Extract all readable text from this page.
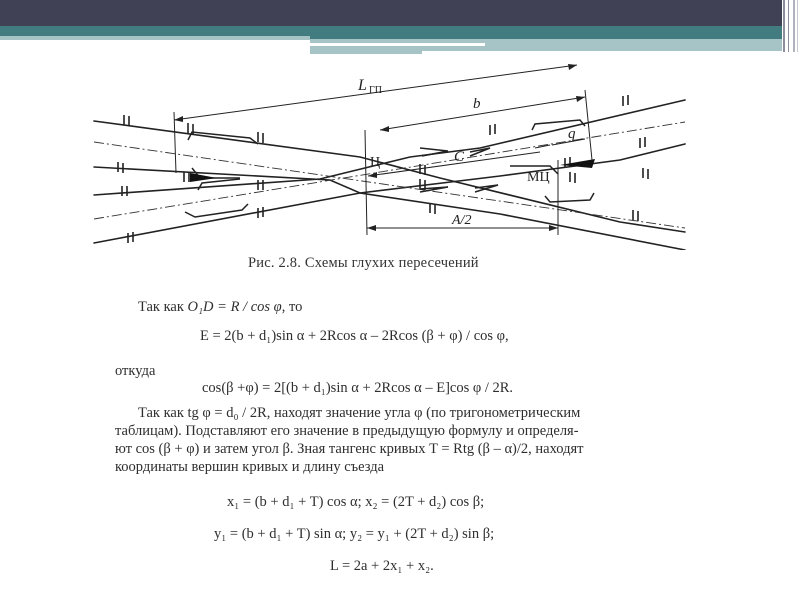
L ГП
b
q
C
Ц
МЦ
A/2
Рис. 2.8. Схемы глухих пересечений
Так как O₁D = R / cos φ, то
E = 2(b + d₁)sin α + 2Rcos α – 2Rcos (β + φ) / cos φ,
откуда
cos(β +φ) = 2[(b + d₁)sin α + 2Rcos α – E]cos φ / 2R.
Так как tg φ = d₀ / 2R, находят значение угла φ (по тригонометрическим
таблицам). Подставляют его значение в предыдущую формулу и определя-
ют cos (β + φ) и затем угол β. Зная тангенс кривых T = Rtg (β – α)/2, находят
координаты вершин кривых и длину съезда
x₁ = (b + d₁ + T) cos α; x₂ = (2T + d₂) cos β;
y₁ = (b + d₁ + T) sin α; y₂ = y₁ + (2T + d₂) sin β;
L = 2a + 2x₁ + x₂.
